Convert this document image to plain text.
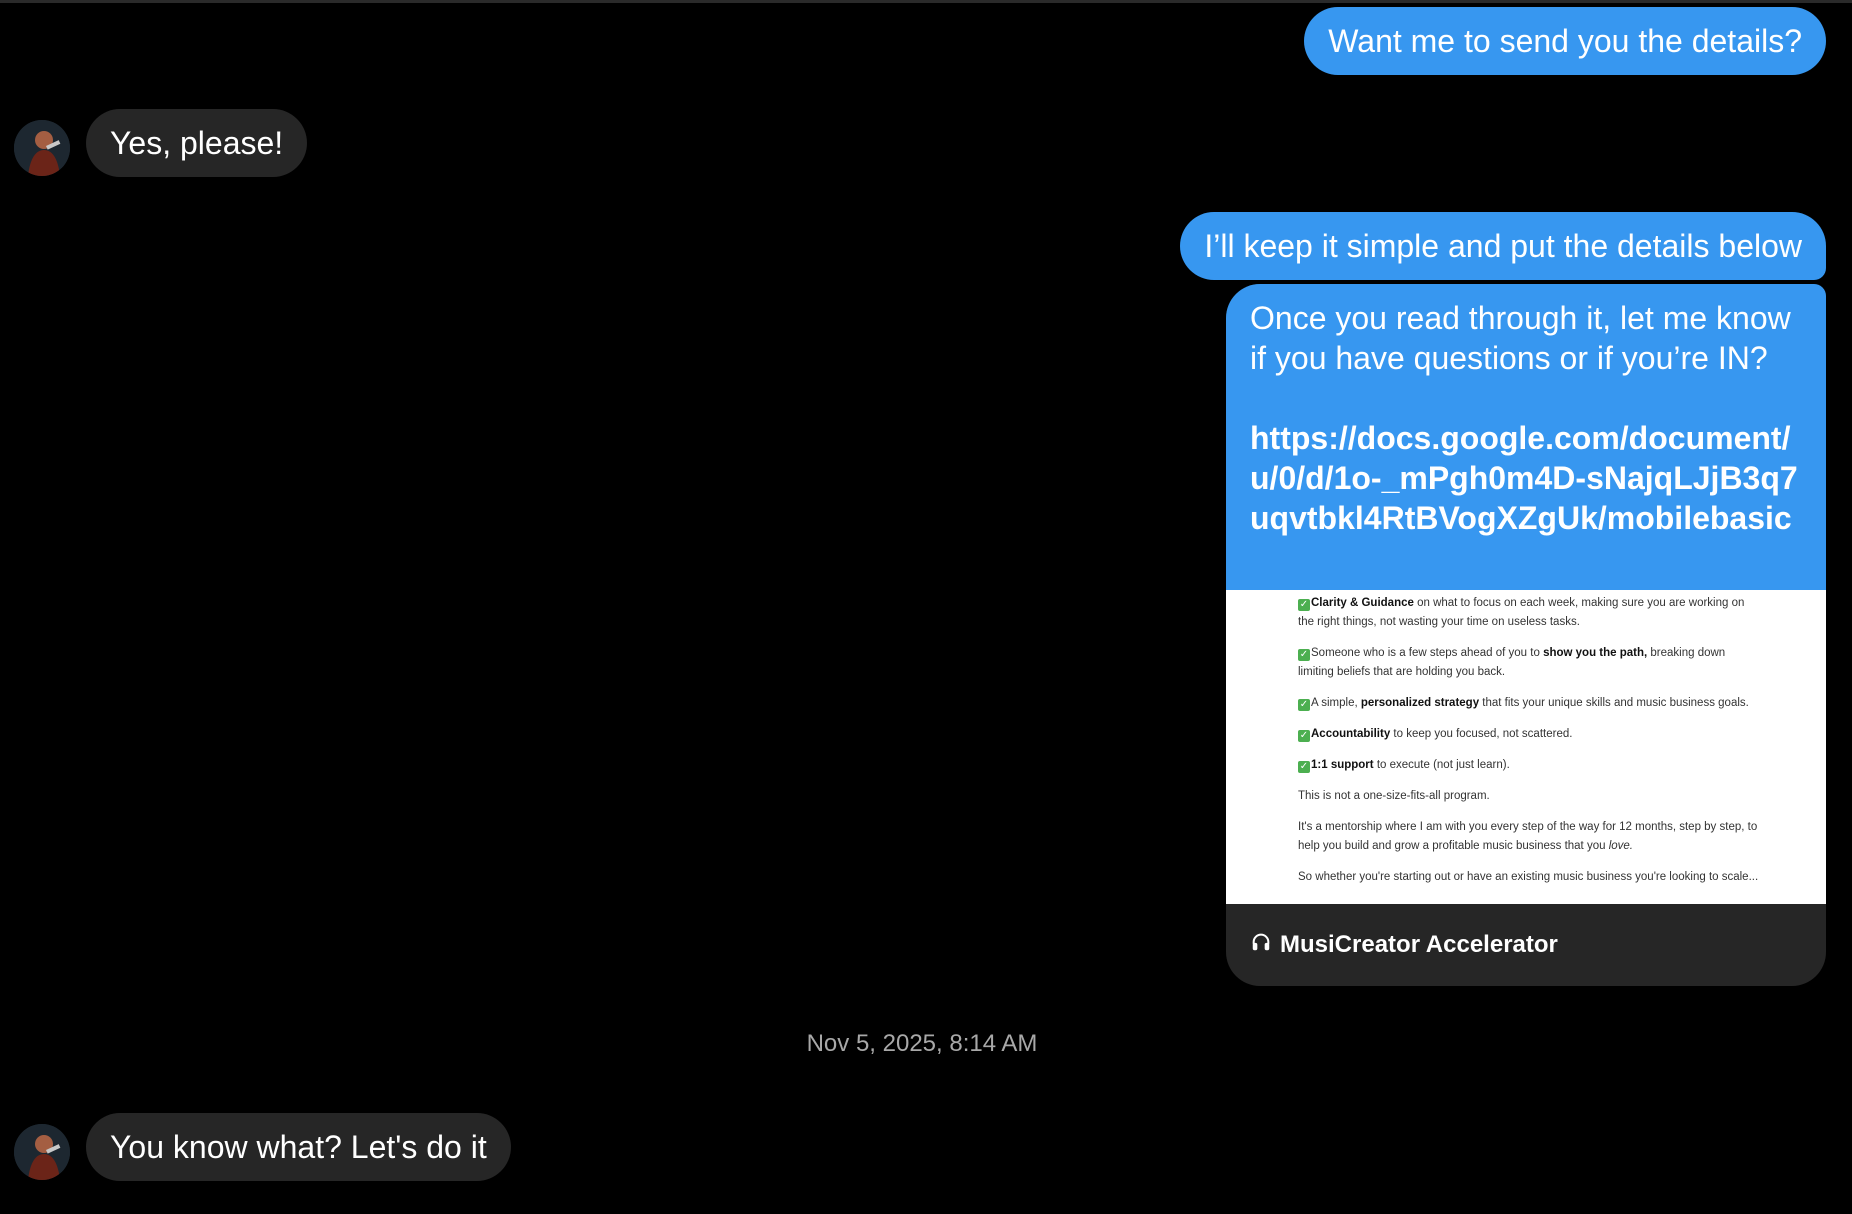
Want me to send you the details?
Yes, please!
I’ll keep it simple and put the details below
Once you read through it, let me know if you have questions or if you’re IN?
https://docs.google.com/document/u/0/d/1o-_mPgh0m4D-sNajqLJjB3q7uqvtbkl4RtBVogXZgUk/mobilebasic

✓ Clarity & Guidance on what to focus on each week, making sure you are working on the right things, not wasting your time on useless tasks.

✓ Someone who is a few steps ahead of you to show you the path, breaking down limiting beliefs that are holding you back.

✓ A simple, personalized strategy that fits your unique skills and music business goals.

✓ Accountability to keep you focused, not scattered.

✓ 1:1 support to execute (not just learn).

This is not a one-size-fits-all program.

It's a mentorship where I am with you every step of the way for 12 months, step by step, to help you build and grow a profitable music business that you love.

So whether you're starting out or have an existing music business you're looking to scale...

MusiCreator Accelerator
Nov 5, 2025, 8:14 AM
You know what? Let's do it
